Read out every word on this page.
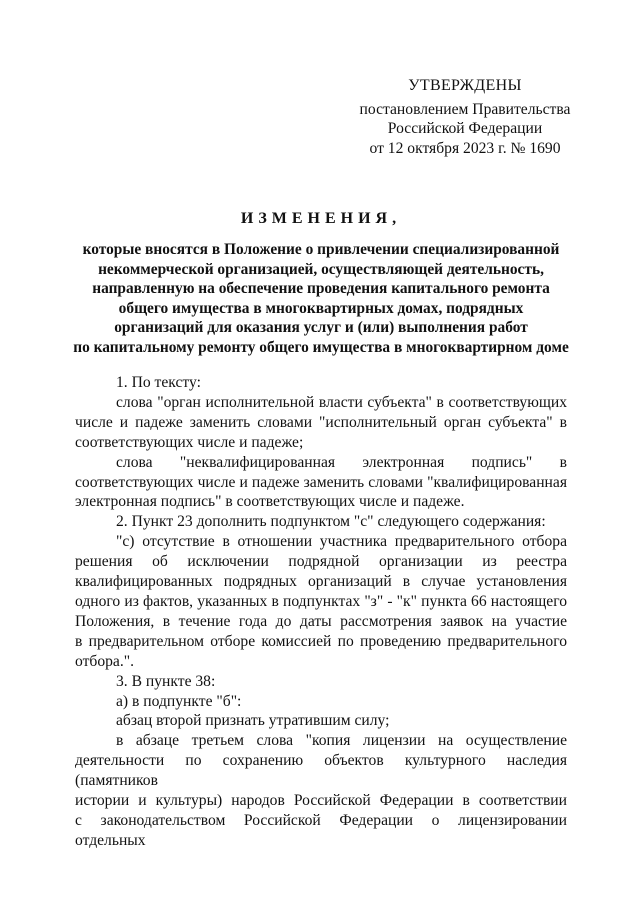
УТВЕРЖДЕНЫ
постановлением Правительства
Российской Федерации
от 12 октября 2023 г. № 1690
ИЗМЕНЕНИЯ,
которые вносятся в Положение о привлечении специализированной
некоммерческой организацией, осуществляющей деятельность,
направленную на обеспечение проведения капитального ремонта
общего имущества в многоквартирных домах, подрядных
организаций для оказания услуг и (или) выполнения работ
по капитальному ремонту общего имущества в многоквартирном доме
1. По тексту:
слова "орган исполнительной власти субъекта" в соответствующих
числе и падеже заменить словами "исполнительный орган субъекта" в
соответствующих числе и падеже;
слова "неквалифицированная электронная подпись" в
соответствующих числе и падеже заменить словами "квалифицированная
электронная подпись" в соответствующих числе и падеже.
2. Пункт 23 дополнить подпунктом "с" следующего содержания:
"с) отсутствие в отношении участника предварительного отбора
решения об исключении подрядной организации из реестра
квалифицированных подрядных организаций в случае установления
одного из фактов, указанных в подпунктах "з" - "к" пункта 66 настоящего
Положения, в течение года до даты рассмотрения заявок на участие
в предварительном отборе комиссией по проведению предварительного
отбора.".
3. В пункте 38:
а) в подпункте "б":
абзац второй признать утратившим силу;
в абзаце третьем слова "копия лицензии на осуществление
деятельности по сохранению объектов культурного наследия (памятников
истории и культуры) народов Российской Федерации в соответствии
с законодательством Российской Федерации о лицензировании отдельных
